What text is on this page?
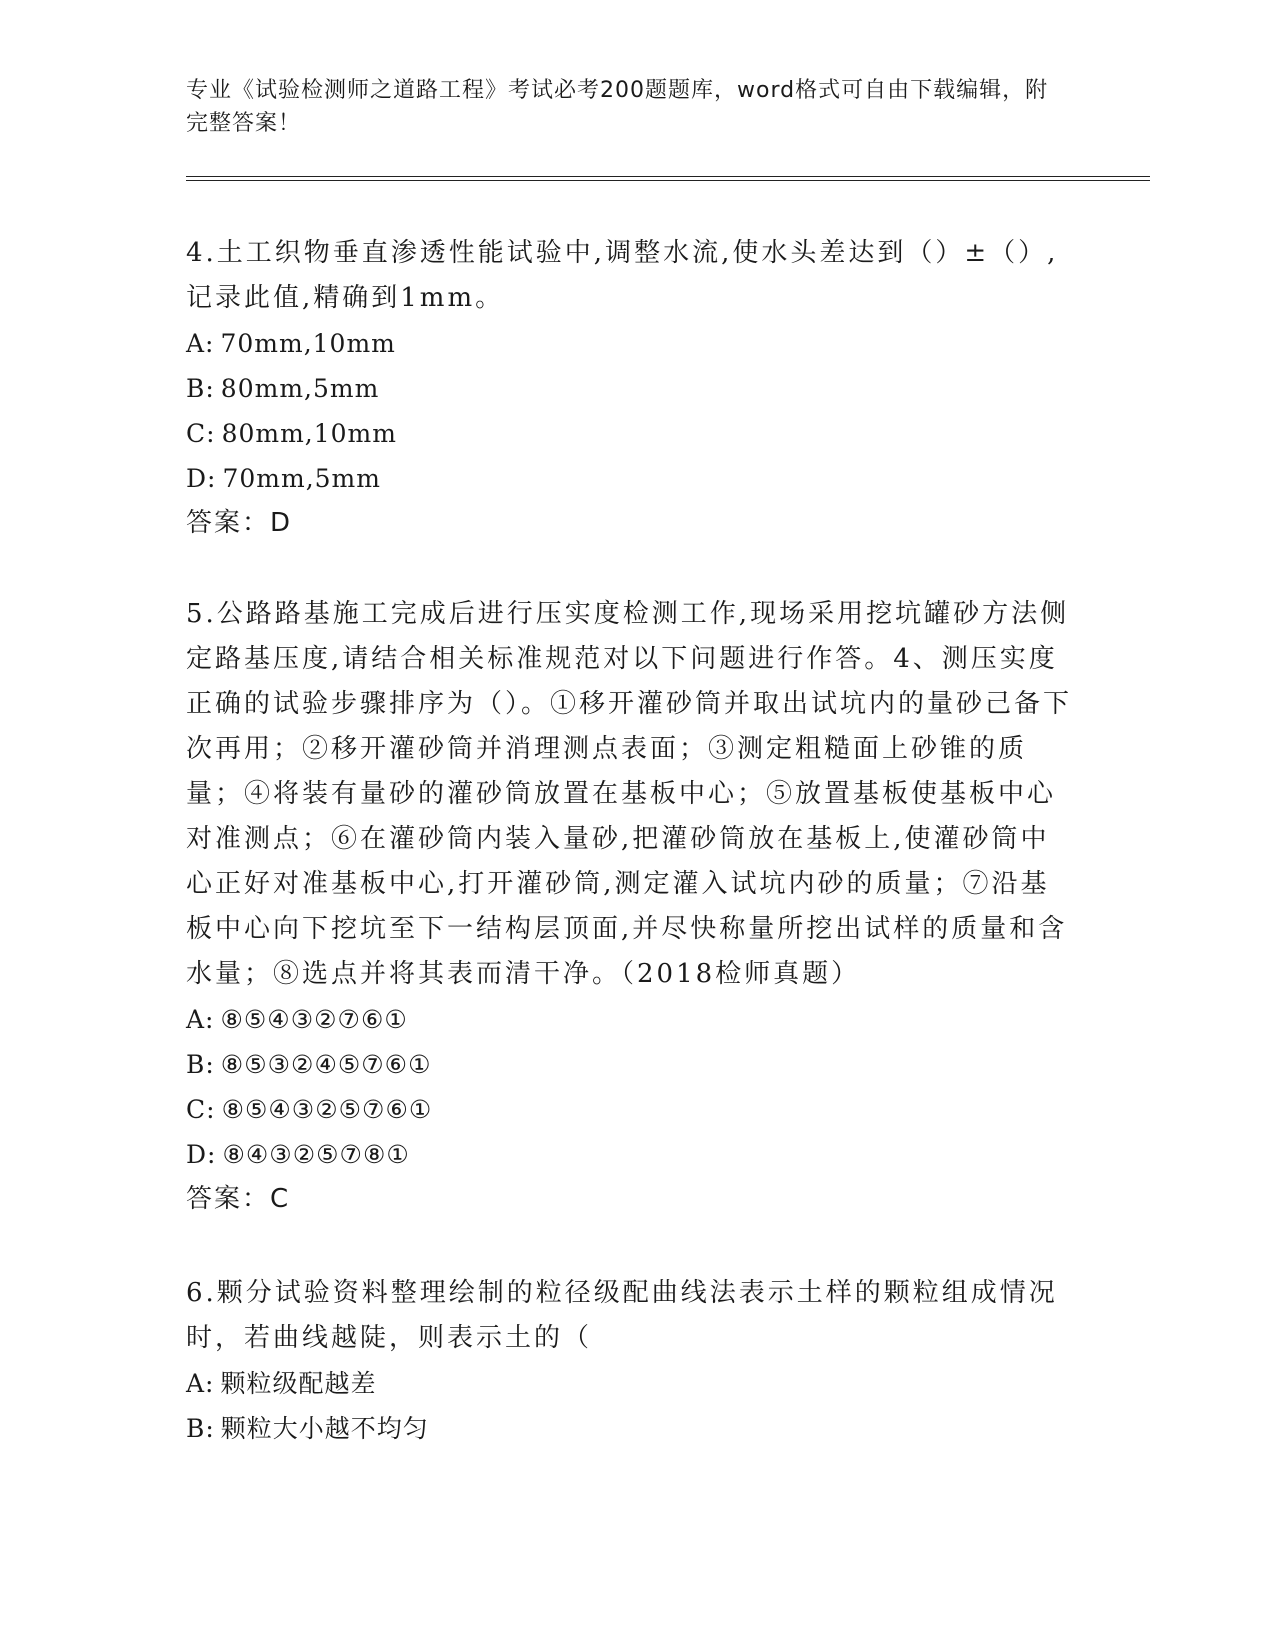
专业《试验检测师之道路工程》考试必考200题题库，word格式可自由下载编辑，附完整答案！

4.土工织物垂直渗透性能试验中,调整水流,使水头差达到（）±（）,记录此值,精确到1mm。

A: 70mm,10mm

B: 80mm,5mm

C: 80mm,10mm

D: 70mm,5mm

答案：D

5.公路路基施工完成后进行压实度检测工作,现场采用挖坑罐砂方法侧定路基压度,请结合相关标准规范对以下问题进行作答。4、测压实度正确的试验步骤排序为（）。①移开灌砂筒并取出试坑内的量砂己备下次再用；②移开灌砂筒并消理测点表面；③测定粗糙面上砂锥的质量；④将装有量砂的灌砂筒放置在基板中心；⑤放置基板使基板中心对准测点；⑥在灌砂筒内装入量砂,把灌砂筒放在基板上,使灌砂筒中心正好对准基板中心,打开灌砂筒,测定灌入试坑内砂的质量；⑦沿基板中心向下挖坑至下一结构层顶面,并尽快称量所挖出试样的质量和含水量；⑧选点并将其表而清干净。（2018检师真题）

A: ⑧⑤④③②⑦⑥①

B: ⑧⑤③②④⑤⑦⑥①

C: ⑧⑤④③②⑤⑦⑥①

D: ⑧④③②⑤⑦⑧①

答案：C

6.颗分试验资料整理绘制的粒径级配曲线法表示土样的颗粒组成情况时，若曲线越陡，则表示土的（

A: 颗粒级配越差

B: 颗粒大小越不均匀
